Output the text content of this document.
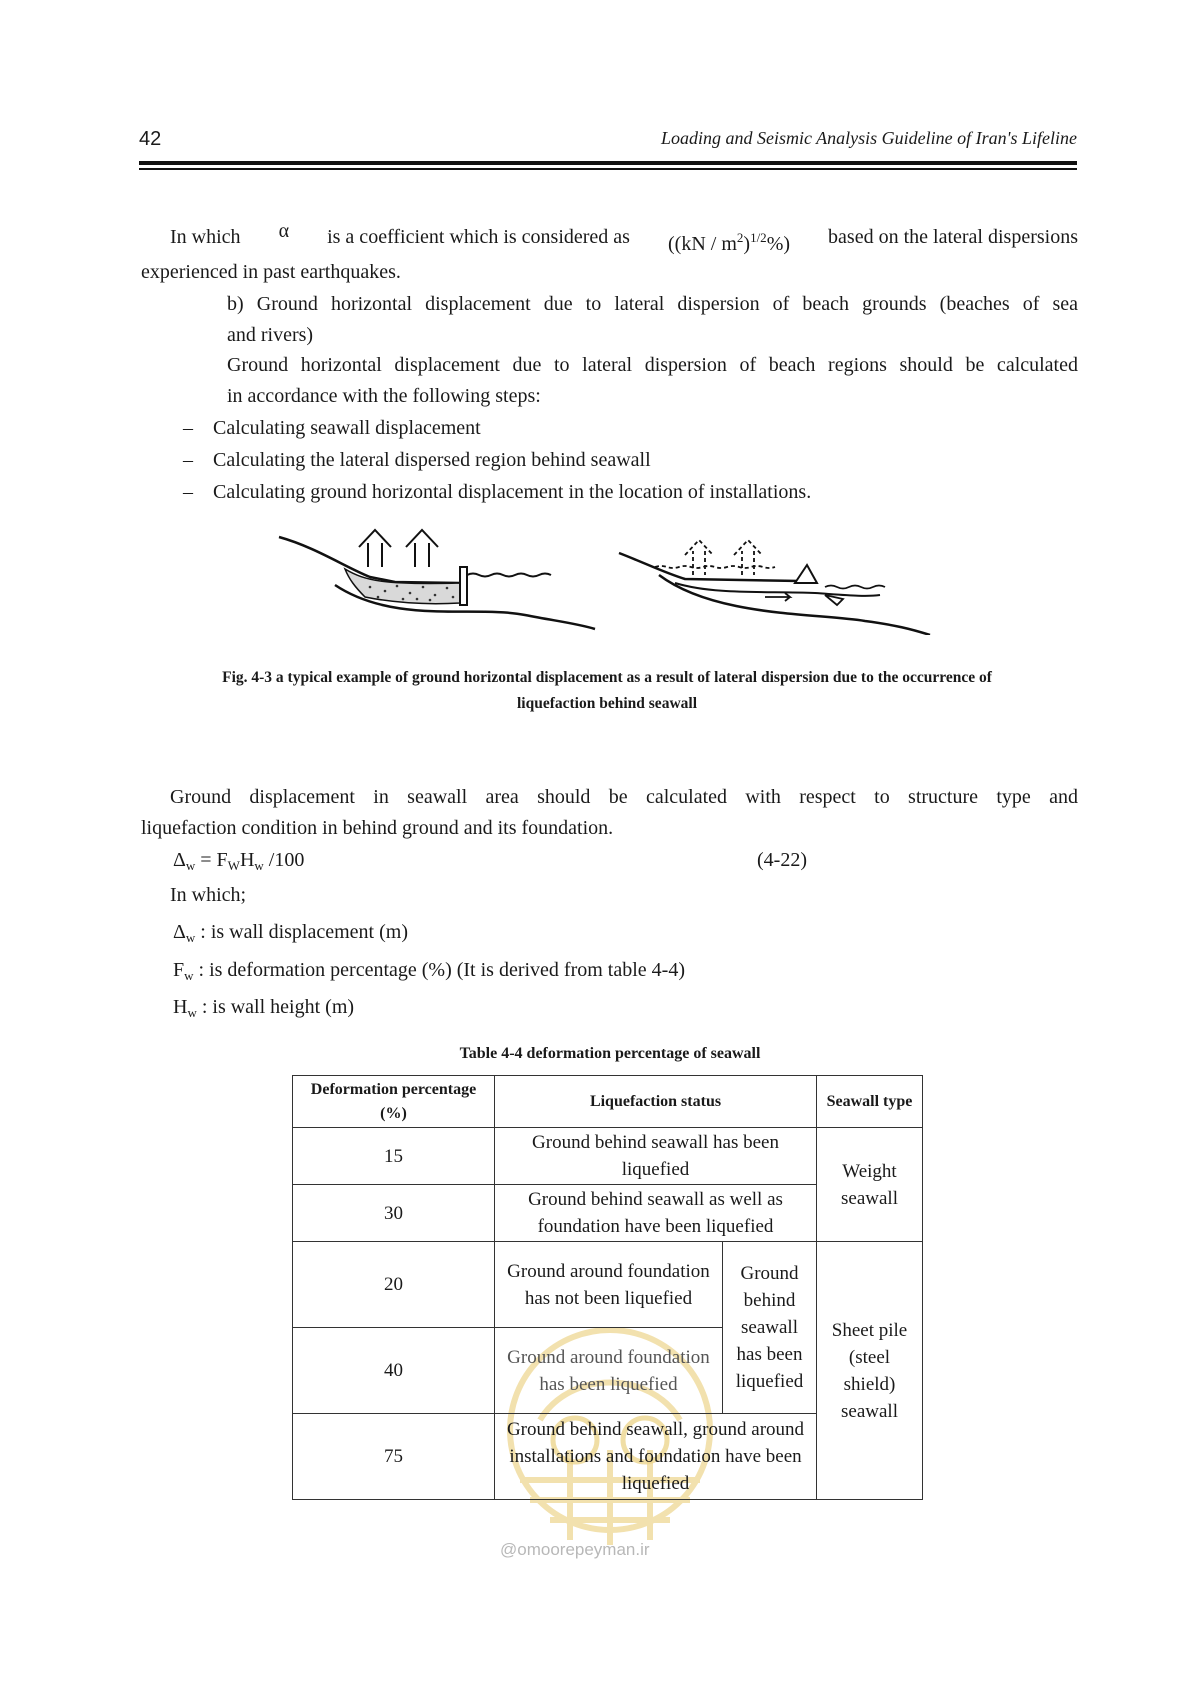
42	Loading and Seismic Analysis Guideline of Iran's Lifeline
In which α is a coefficient which is considered as $((kN / m^2)^{1/2}\%)$ based on the lateral dispersions
experienced in past earthquakes.
b) Ground horizontal displacement due to lateral dispersion of beach grounds (beaches of sea
and rivers)
Ground horizontal displacement due to lateral dispersion of beach regions should be calculated
in accordance with the following steps:
– Calculating seawall displacement
– Calculating the lateral dispersed region behind seawall
– Calculating ground horizontal displacement in the location of installations.
Fig. 4-3 a typical example of ground horizontal displacement as a result of lateral dispersion due to the occurrence of
liquefaction behind seawall
Ground displacement in seawall area should be calculated with respect to structure type and
liquefaction condition in behind ground and its foundation.
$\Delta_w = F_WH_w$ /100	(4-22)
In which;
$\Delta_w$ : is wall displacement (m)
$F_w$ : is deformation percentage (%) (It is derived from table 4-4)
$H_w$ : is wall height (m)
Table 4-4 deformation percentage of seawall
@omoorepeyman.ir
Deformation percentage (%)	Liquefaction status		Seawall type
15	Ground behind seawall has been liquefied		Weight seawall
30	Ground behind seawall as well as foundation have been liquefied		
20	Ground around foundation has not been liquefied	Ground behind seawall has been liquefied	Sheet pile (steel shield) seawall
40	Ground around foundation has been liquefied		
75	Ground behind seawall, ground around installations and foundation have been liquefied		
